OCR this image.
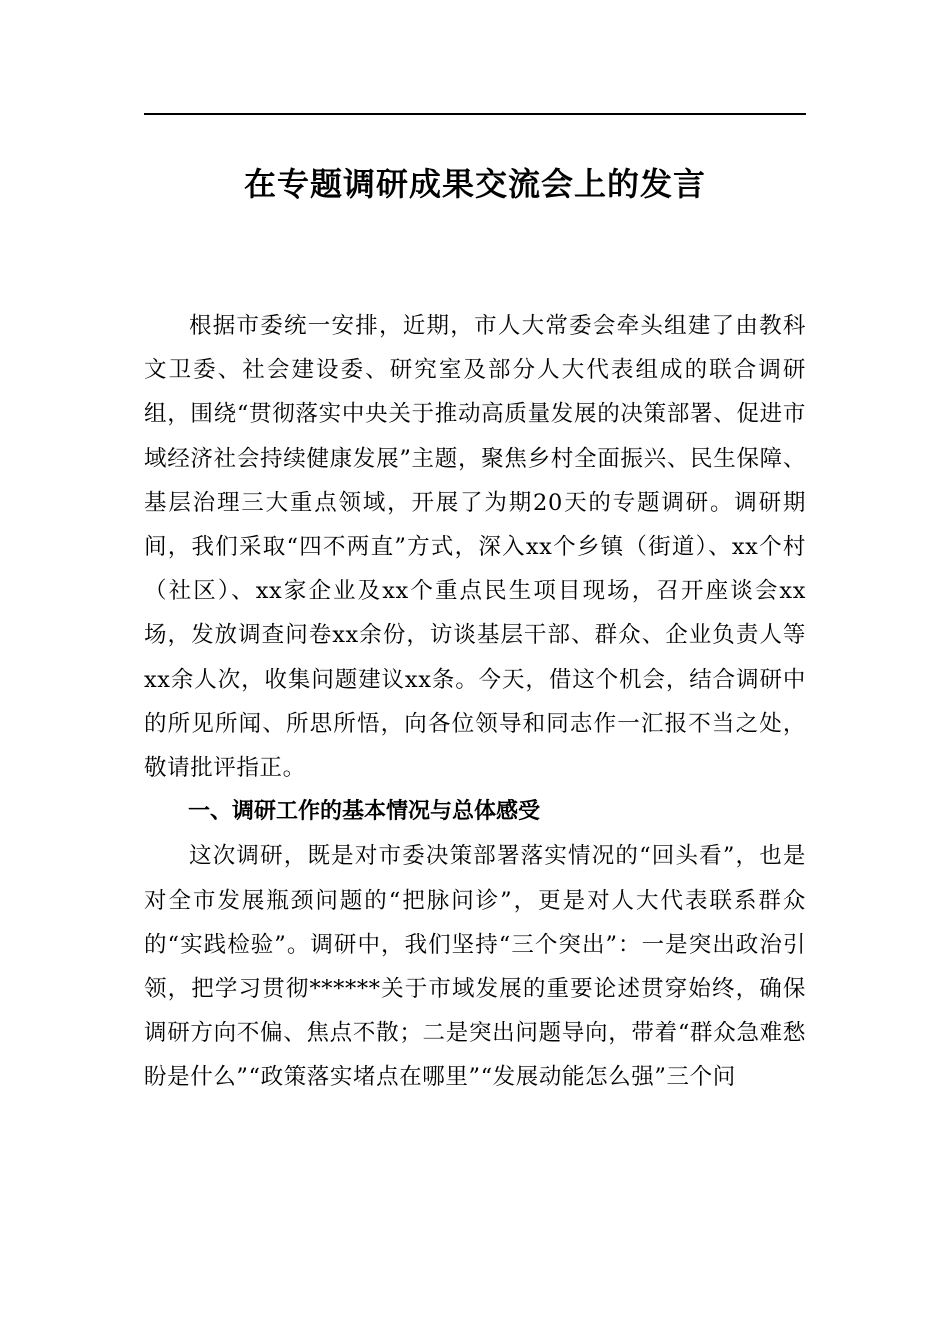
在专题调研成果交流会上的发言

根据市委统一安排，近期，市人大常委会牵头组建了由教科文卫委、社会建设委、研究室及部分人大代表组成的联合调研组，围绕“贯彻落实中央关于推动高质量发展的决策部署、促进市域经济社会持续健康发展”主题，聚焦乡村全面振兴、民生保障、基层治理三大重点领域，开展了为期20天的专题调研。调研期间，我们采取“四不两直”方式，深入xx个乡镇（街道）、xx个村（社区）、xx家企业及xx个重点民生项目现场，召开座谈会xx场，发放调查问卷xx余份，访谈基层干部、群众、企业负责人等xx余人次，收集问题建议xx条。今天，借这个机会，结合调研中的所见所闻、所思所悟，向各位领导和同志作一汇报不当之处，敬请批评指正。

一、调研工作的基本情况与总体感受

这次调研，既是对市委决策部署落实情况的“回头看”，也是对全市发展瓶颈问题的“把脉问诊”，更是对人大代表联系群众的“实践检验”。调研中，我们坚持“三个突出”：一是突出政治引领，把学习贯彻******关于市域发展的重要论述贯穿始终，确保调研方向不偏、焦点不散；二是突出问题导向，带着“群众急难愁盼是什么”“政策落实堵点在哪里”“发展动能怎么强”三个问
